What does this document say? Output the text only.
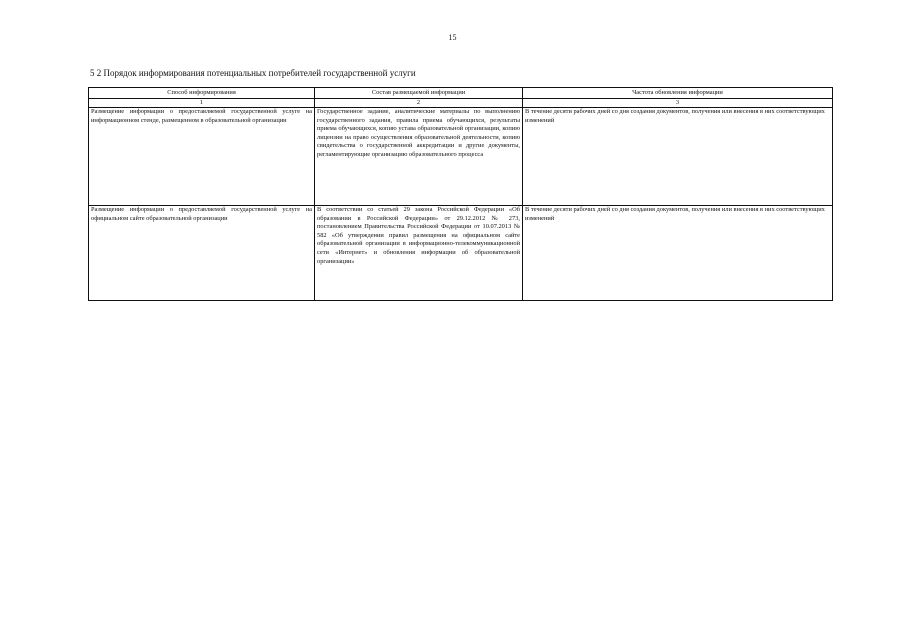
15
5 2 Порядок информирования потенциальных потребителей государственной услуги
Способ информирования	Состав размещаемой информации	Частота обновления информации
1	2	3
Размещение информации о предоставляемой государственной услуге на информационном стенде, размещенном в образовательной организации	Государственное задание, аналитические материалы по выполнению государственного задания, правила приема обучающихся, результаты приема обучающихся, копию устава образовательной организации, копию лицензии на право осуществления образовательной деятельности, копию свидетельства о государственной аккредитации и другие документы, регламентирующие организацию образовательного процесса	В течение десяти рабочих дней со дня создания документов, получения или внесения в них соответствующих изменений
Размещение информации о предоставляемой государственной услуге на официальном сайте образовательной организации	В соответствии со статьей 29 закона Российской Федерации «Об образовании в Российской Федерации» от 29.12.2012 № 273, постановлением Правительства Российской Федерации от 10.07.2013 № 582 «Об утверждении правил размещения на официальном сайте образовательной организации в информационно-телекоммуникационной сети «Интернет» и обновления информации об образовательной организации»	В течение десяти рабочих дней со дня создания документов, получения или внесения в них соответствующих изменений
